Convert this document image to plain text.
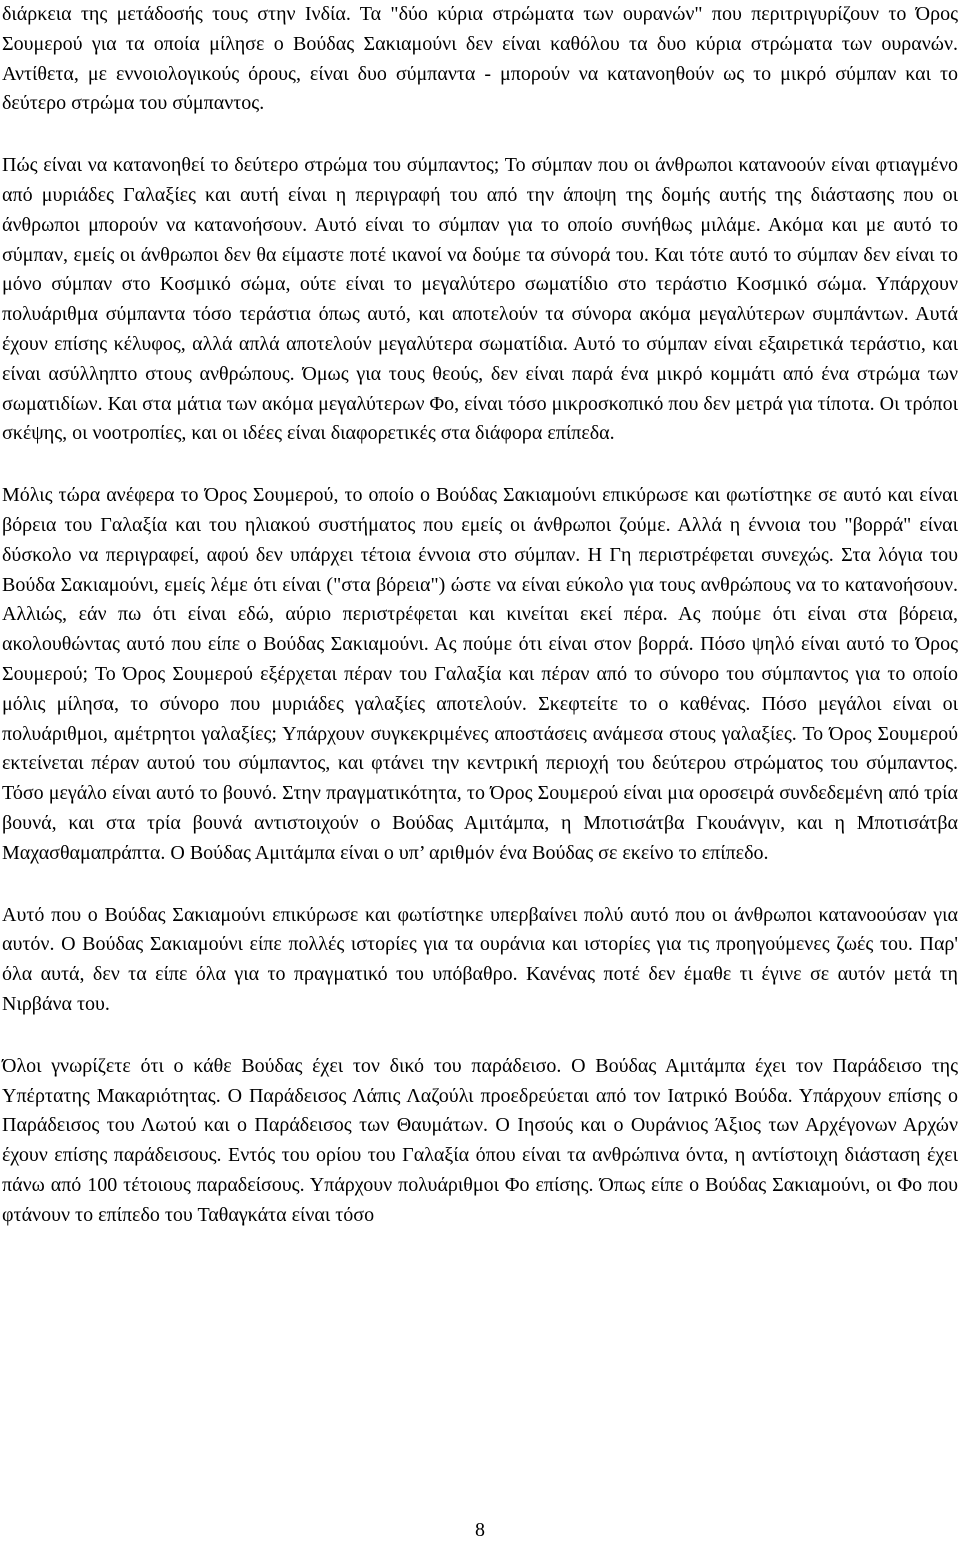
διάρκεια της μετάδοσής τους στην Ινδία. Τα "δύο κύρια στρώματα των ουρανών" που περιτριγυρίζουν το Όρος Σουμερού για τα οποία μίλησε ο Βούδας Σακιαμούνι δεν είναι καθόλου τα δυο κύρια στρώματα των ουρανών. Αντίθετα, με εννοιολογικούς όρους, είναι δυο σύμπαντα - μπορούν να κατανοηθούν ως το μικρό σύμπαν και το δεύτερο στρώμα του σύμπαντος.

Πώς είναι να κατανοηθεί το δεύτερο στρώμα του σύμπαντος; Το σύμπαν που οι άνθρωποι κατανοούν είναι φτιαγμένο από μυριάδες Γαλαξίες και αυτή είναι η περιγραφή του από την άποψη της δομής αυτής της διάστασης που οι άνθρωποι μπορούν να κατανοήσουν. Αυτό είναι το σύμπαν για το οποίο συνήθως μιλάμε. Ακόμα και με αυτό το σύμπαν, εμείς οι άνθρωποι δεν θα είμαστε ποτέ ικανοί να δούμε τα σύνορά του. Και τότε αυτό το σύμπαν δεν είναι το μόνο σύμπαν στο Κοσμικό σώμα, ούτε είναι το μεγαλύτερο σωματίδιο στο τεράστιο Κοσμικό σώμα. Υπάρχουν πολυάριθμα σύμπαντα τόσο τεράστια όπως αυτό, και αποτελούν τα σύνορα ακόμα μεγαλύτερων συμπάντων. Αυτά έχουν επίσης κέλυφος, αλλά απλά αποτελούν μεγαλύτερα σωματίδια. Αυτό το σύμπαν είναι εξαιρετικά τεράστιο, και είναι ασύλληπτο στους ανθρώπους. Όμως για τους θεούς, δεν είναι παρά ένα μικρό κομμάτι από ένα στρώμα των σωματιδίων. Και στα μάτια των ακόμα μεγαλύτερων Φο, είναι τόσο μικροσκοπικό που δεν μετρά για τίποτα. Οι τρόποι σκέψης, οι νοοτροπίες, και οι ιδέες είναι διαφορετικές στα διάφορα επίπεδα.

Μόλις τώρα ανέφερα το Όρος Σουμερού, το οποίο ο Βούδας Σακιαμούνι επικύρωσε και φωτίστηκε σε αυτό και είναι βόρεια του Γαλαξία και του ηλιακού συστήματος που εμείς οι άνθρωποι ζούμε. Αλλά η έννοια του "βορρά" είναι δύσκολο να περιγραφεί, αφού δεν υπάρχει τέτοια έννοια στο σύμπαν. Η Γη περιστρέφεται συνεχώς. Στα λόγια του Βούδα Σακιαμούνι, εμείς λέμε ότι είναι ("στα βόρεια") ώστε να είναι εύκολο για τους ανθρώπους να το κατανοήσουν. Αλλιώς, εάν πω ότι είναι εδώ, αύριο περιστρέφεται και κινείται εκεί πέρα. Ας πούμε ότι είναι στα βόρεια, ακολουθώντας αυτό που είπε ο Βούδας Σακιαμούνι. Ας πούμε ότι είναι στον βορρά. Πόσο ψηλό είναι αυτό το Όρος Σουμερού; Το Όρος Σουμερού εξέρχεται πέραν του Γαλαξία και πέραν από το σύνορο του σύμπαντος για το οποίο μόλις μίλησα, το σύνορο που μυριάδες γαλαξίες αποτελούν. Σκεφτείτε το ο καθένας. Πόσο μεγάλοι είναι οι πολυάριθμοι, αμέτρητοι γαλαξίες; Υπάρχουν συγκεκριμένες αποστάσεις ανάμεσα στους γαλαξίες. Το Όρος Σουμερού εκτείνεται πέραν αυτού του σύμπαντος, και φτάνει την κεντρική περιοχή του δεύτερου στρώματος του σύμπαντος. Τόσο μεγάλο είναι αυτό το βουνό. Στην πραγματικότητα, το Όρος Σουμερού είναι μια οροσειρά συνδεδεμένη από τρία βουνά, και στα τρία βουνά αντιστοιχούν ο Βούδας Αμιτάμπα, η Μποτισάτβα Γκουάνγιν, και η Μποτισάτβα Μαχασθαμαπράπτα. Ο Βούδας Αμιτάμπα είναι ο υπ’ αριθμόν ένα Βούδας σε εκείνο το επίπεδο.

Αυτό που ο Βούδας Σακιαμούνι επικύρωσε και φωτίστηκε υπερβαίνει πολύ αυτό που οι άνθρωποι κατανοούσαν για αυτόν. Ο Βούδας Σακιαμούνι είπε πολλές ιστορίες για τα ουράνια και ιστορίες για τις προηγούμενες ζωές του. Παρ' όλα αυτά, δεν τα είπε όλα για το πραγματικό του υπόβαθρο. Κανένας ποτέ δεν έμαθε τι έγινε σε αυτόν μετά τη Νιρβάνα του.

Όλοι γνωρίζετε ότι ο κάθε Βούδας έχει τον δικό του παράδεισο. Ο Βούδας Αμιτάμπα έχει τον Παράδεισο της Υπέρτατης Μακαριότητας. Ο Παράδεισος Λάπις Λαζούλι προεδρεύεται από τον Ιατρικό Βούδα. Υπάρχουν επίσης ο Παράδεισος του Λωτού και ο Παράδεισος των Θαυμάτων. Ο Ιησούς και ο Ουράνιος Άξιος των Αρχέγονων Αρχών έχουν επίσης παράδεισους. Εντός του ορίου του Γαλαξία όπου είναι τα ανθρώπινα όντα, η αντίστοιχη διάσταση έχει πάνω από 100 τέτοιους παραδείσους. Υπάρχουν πολυάριθμοι Φο επίσης. Όπως είπε ο Βούδας Σακιαμούνι, οι Φο που φτάνουν το επίπεδο του Ταθαγκάτα είναι τόσο

8
